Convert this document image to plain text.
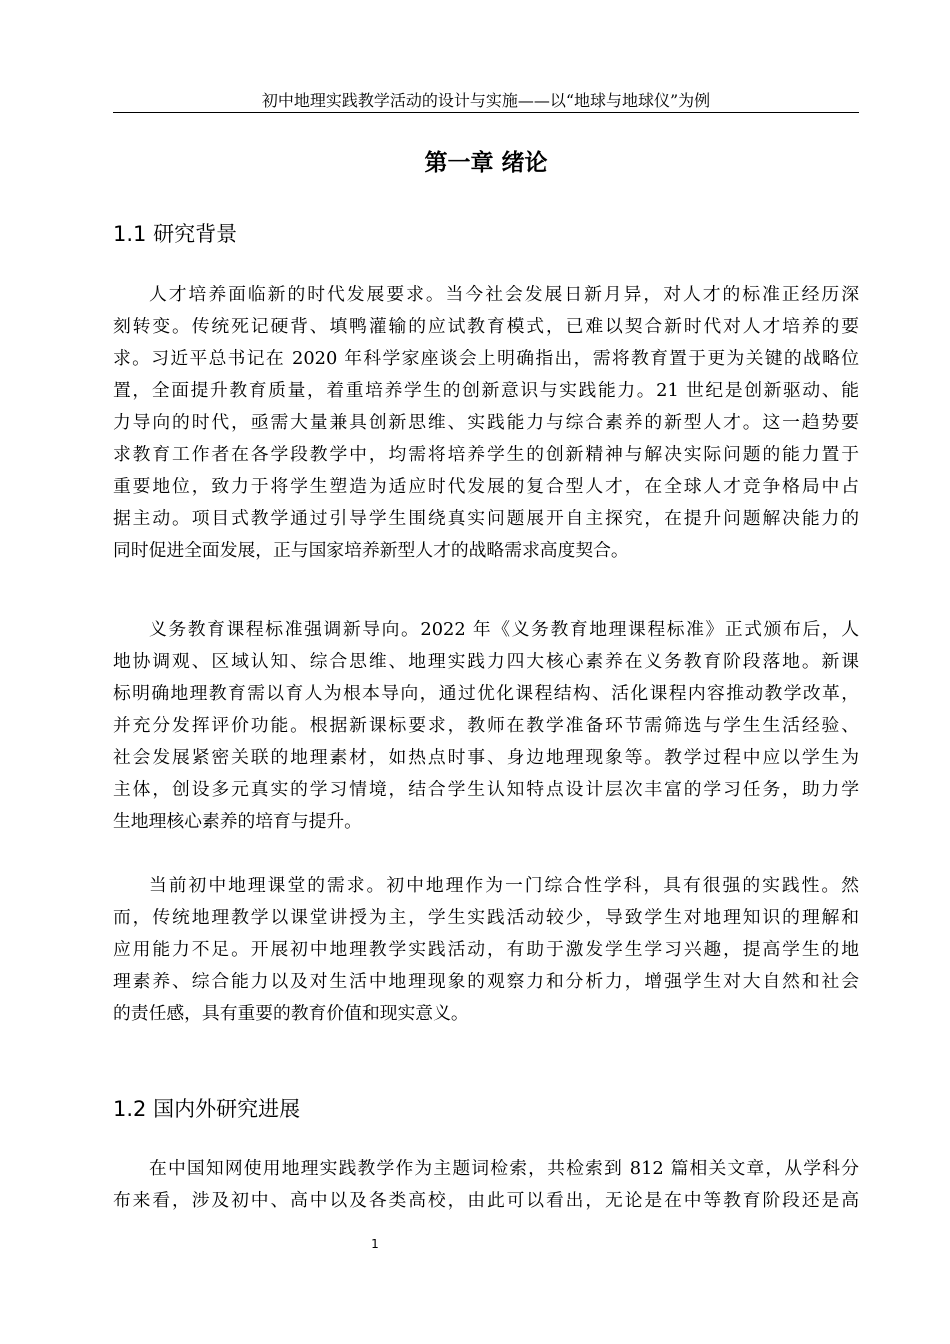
初中地理实践教学活动的设计与实施——以“地球与地球仪”为例
第一章 绪论
1.1 研究背景
人才培养面临新的时代发展要求。当今社会发展日新月异，对人才的标准正经历深
刻转变。传统死记硬背、填鸭灌输的应试教育模式，已难以契合新时代对人才培养的要
求。习近平总书记在 2020 年科学家座谈会上明确指出，需将教育置于更为关键的战略位
置，全面提升教育质量，着重培养学生的创新意识与实践能力。21 世纪是创新驱动、能
力导向的时代，亟需大量兼具创新思维、实践能力与综合素养的新型人才。这一趋势要
求教育工作者在各学段教学中，均需将培养学生的创新精神与解决实际问题的能力置于
重要地位，致力于将学生塑造为适应时代发展的复合型人才，在全球人才竞争格局中占
据主动。项目式教学通过引导学生围绕真实问题展开自主探究，在提升问题解决能力的
同时促进全面发展，正与国家培养新型人才的战略需求高度契合。
义务教育课程标准强调新导向。2022 年《义务教育地理课程标准》正式颁布后，人
地协调观、区域认知、综合思维、地理实践力四大核心素养在义务教育阶段落地。新课
标明确地理教育需以育人为根本导向，通过优化课程结构、活化课程内容推动教学改革，
并充分发挥评价功能。根据新课标要求，教师在教学准备环节需筛选与学生生活经验、
社会发展紧密关联的地理素材，如热点时事、身边地理现象等。教学过程中应以学生为
主体，创设多元真实的学习情境，结合学生认知特点设计层次丰富的学习任务，助力学
生地理核心素养的培育与提升。
当前初中地理课堂的需求。初中地理作为一门综合性学科，具有很强的实践性。然
而，传统地理教学以课堂讲授为主，学生实践活动较少，导致学生对地理知识的理解和
应用能力不足。开展初中地理教学实践活动，有助于激发学生学习兴趣，提高学生的地
理素养、综合能力以及对生活中地理现象的观察力和分析力，增强学生对大自然和社会
的责任感，具有重要的教育价值和现实意义。
1.2 国内外研究进展
在中国知网使用地理实践教学作为主题词检索，共检索到 812 篇相关文章，从学科分
布来看，涉及初中、高中以及各类高校，由此可以看出，无论是在中等教育阶段还是高
1
